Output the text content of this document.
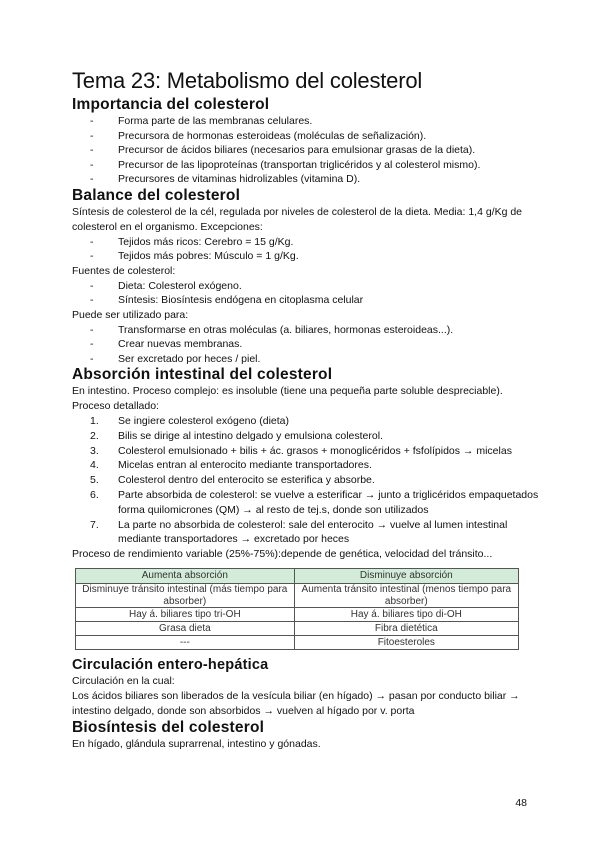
Tema 23: Metabolismo del colesterol
Importancia del colesterol
- Forma parte de las membranas celulares.
- Precursora de hormonas esteroideas (moléculas de señalización).
- Precursor de ácidos biliares (necesarios para emulsionar grasas de la dieta).
- Precursor de las lipoproteínas (transportan triglicéridos y al colesterol mismo).
- Precursores de vitaminas hidrolizables (vitamina D).
Balance del colesterol

Síntesis de colesterol de la cél, regulada por niveles de colesterol de la dieta. Media: 1,4 g/Kg de colesterol en el organismo. Excepciones:

- Tejidos más ricos: Cerebro = 15 g/Kg.
- Tejidos más pobres: Músculo = 1 g/Kg.

Fuentes de colesterol:

- Dieta: Colesterol exógeno.
- Síntesis: Biosíntesis endógena en citoplasma celular

Puede ser utilizado para:

- Transformarse en otras moléculas (a. biliares, hormonas esteroideas...).
- Crear nuevas membranas.
- Ser excretado por heces / piel.
Absorción intestinal del colesterol

En intestino. Proceso complejo: es insoluble (tiene una pequeña parte soluble despreciable).

Proceso detallado:

1. Se ingiere colesterol exógeno (dieta)
2. Bilis se dirige al intestino delgado y emulsiona colesterol.
3. Colesterol emulsionado + bilis + ác. grasos + monoglicéridos + fsfolípidos → micelas
4. Micelas entran al enterocito mediante transportadores.
5. Colesterol dentro del enterocito se esterifica y absorbe.
6. Parte absorbida de colesterol: se vuelve a esterificar → junto a triglicéridos empaquetados forma quilomicrones (QM) → al resto de tej.s, donde son utilizados
7. La parte no absorbida de colesterol: sale del enterocito → vuelve al lumen intestinal mediante transportadores → excretado por heces

Proceso de rendimiento variable (25%-75%):depende de genética, velocidad del tránsito...

Aumenta absorción	Disminuye absorción
Disminuye tránsito intestinal (más tiempo para absorber)	Aumenta tránsito intestinal (menos tiempo para absorber)
Hay á. biliares tipo tri-OH	Hay á. biliares tipo di-OH
Grasa dieta	Fibra dietética
---	Fitoesteroles
Circulación entero-hepática

Circulación en la cual:

Los ácidos biliares son liberados de la vesícula biliar (en hígado) → pasan por conducto biliar → intestino delgado, donde son absorbidos → vuelven al hígado por v. porta

Biosíntesis del colesterol

En hígado, glándula suprarrenal, intestino y gónadas.

48
